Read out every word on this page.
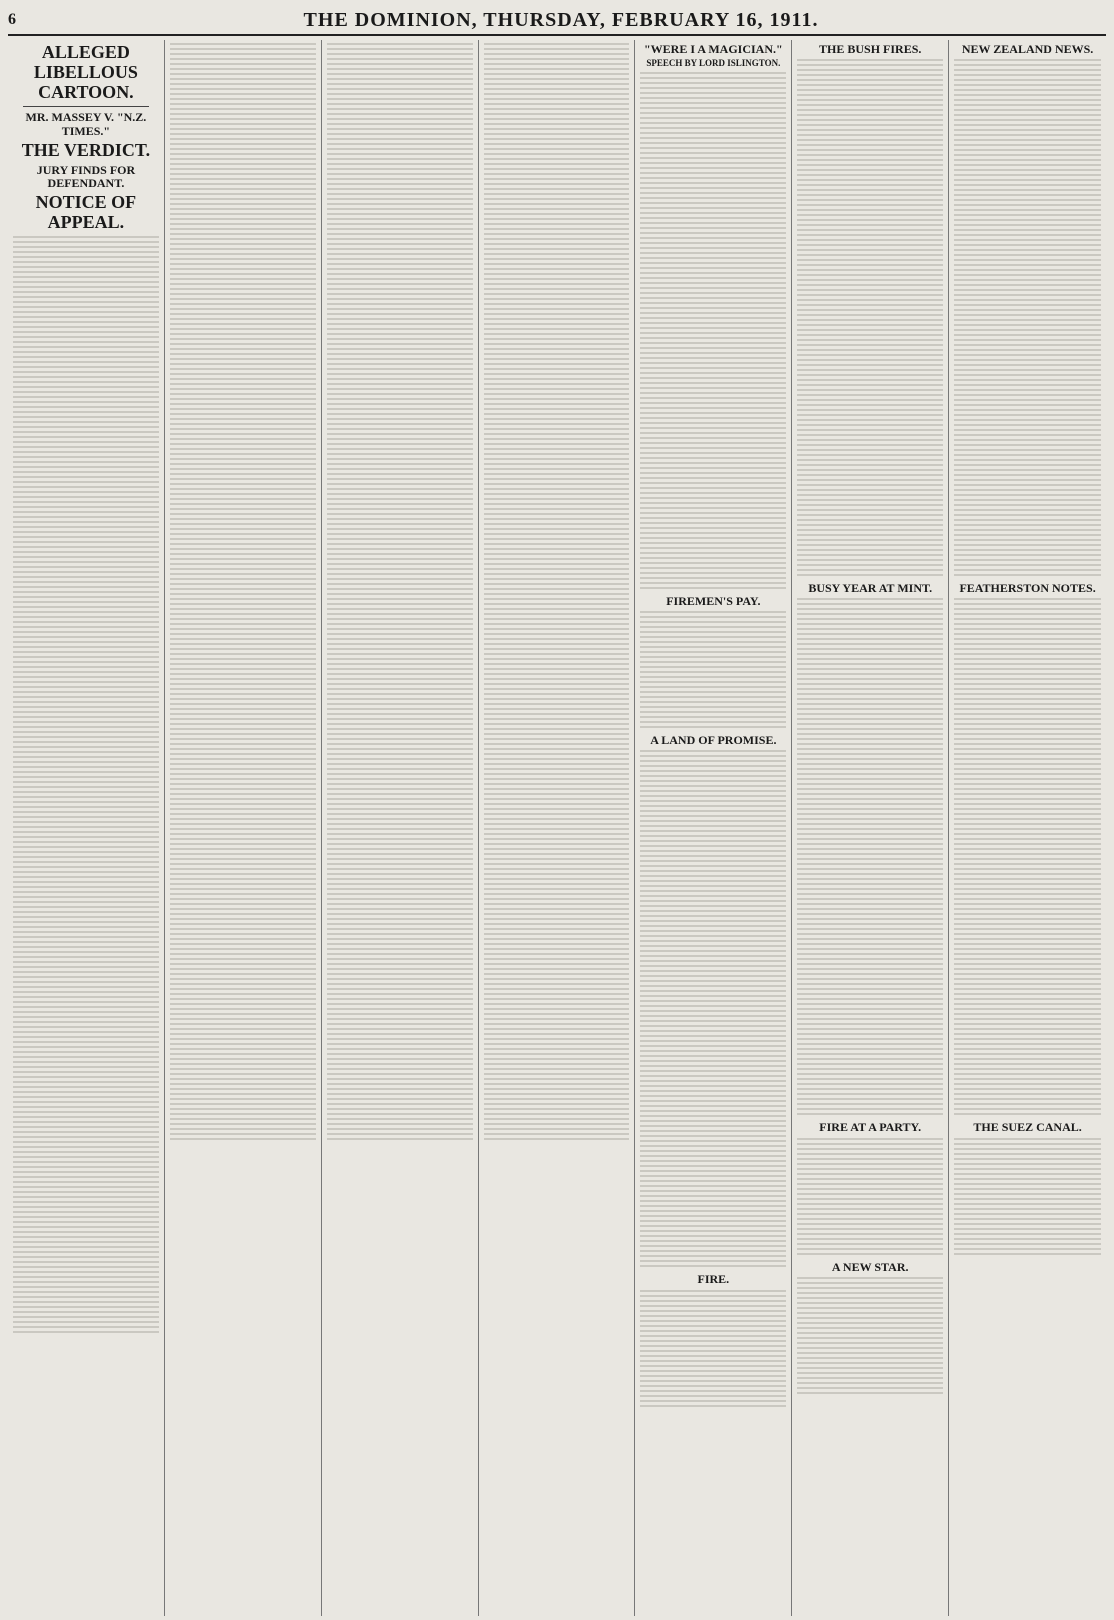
6	THE DOMINION, THURSDAY, FEBRUARY 16, 1911.
ALLEGED LIBELLOUS CARTOON.
MR. MASSEY V. "N.Z. TIMES."
THE VERDICT.
JURY FINDS FOR DEFENDANT.
NOTICE OF APPEAL.
"WERE I A MAGICIAN."
SPEECH BY LORD ISLINGTON.
FIREMEN'S PAY.
A LAND OF PROMISE.
FIRE.
THE BUSH FIRES.
BUSY YEAR AT MINT.
FIRE AT A PARTY.
A NEW STAR.
NEW ZEALAND NEWS.
FEATHERSTON NOTES.
THE SUEZ CANAL.
